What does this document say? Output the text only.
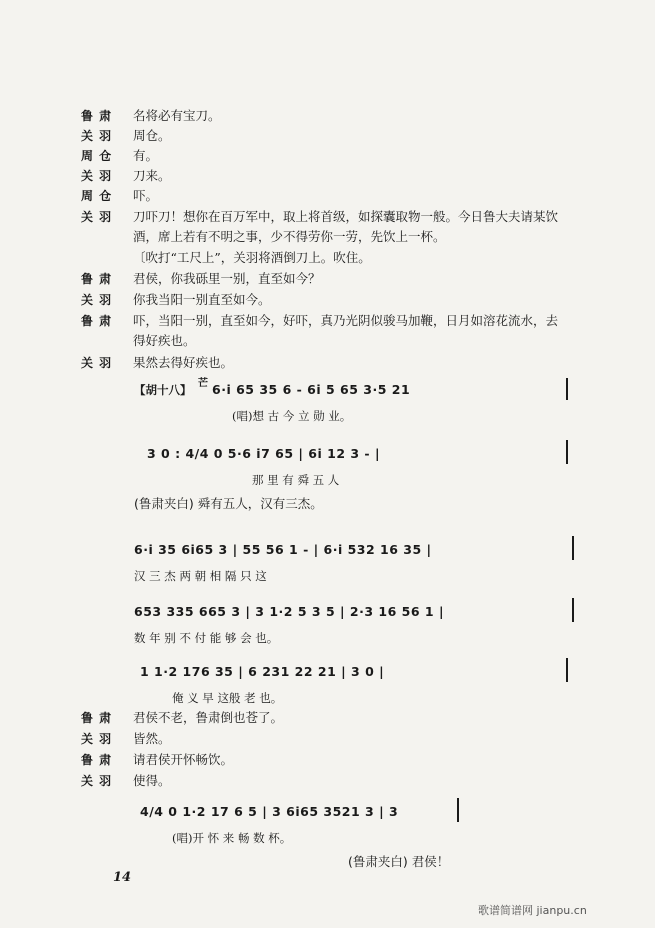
鲁 肃	名将必有宝刀。
关 羽	周仓。
周 仓	有。
关 羽	刀来。
周 仓	吓。
关 羽	刀吓刀！想你在百万军中，取上将首级，如探囊取物一般。今日鲁大夫请某饮
酒，席上若有不明之事，少不得劳你一劳，先饮上一杯。
〔吹打“工尺上”，关羽将酒倒刀上。吹住。
鲁 肃	君侯，你我砾里一别，直至如今？
关 羽	你我当阳一别直至如今。
鲁 肃	吓，当阳一别，直至如今，好吓，真乃光阴似骏马加鞭，日月如溶花流水，去
得好疾也。
关 羽	果然去得好疾也。
【胡十八】 芒 6·i 65 35 6 - 6i 5 65 3·5 21
(唱)想 古 今 立 勋 业。
3 0 : 4/4 0 5·6 i7 65 | 6i 12 3 - |
那 里 有 舜 五 人
(鲁肃夹白) 舜有五人，汉有三杰。
6·i 35 6i65 3 | 55 56 1 - | 6·i 532 16 35 |
汉 三 杰 两 朝 相 隔 只 这
653 335 665 3 | 3 1·2 5 3 5 | 2·3 16 56 1 |
数 年 别 不 付 能 够 会 也。
1 1·2 176 35 | 6 231 22 21 | 3 0 |
俺 义 早 这般 老 也。
鲁 肃	君侯不老，鲁肃倒也苍了。
关 羽	皆然。
鲁 肃	请君侯开怀畅饮。
关 羽	使得。
4/4 0 1·2 17 6 5 | 3 6i65 3521 3 | 3
(唱)开 怀 来 畅 数 杯。
(鲁肃夹白) 君侯！
14
歌谱简谱网 jianpu.cn
